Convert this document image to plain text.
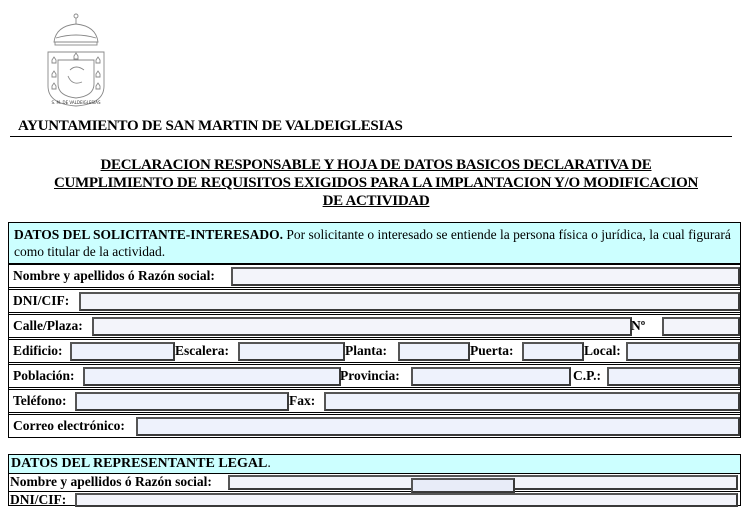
S. M. DE VALDEIGLESIAS
AYUNTAMIENTO DE SAN MARTIN DE VALDEIGLESIAS
DECLARACION RESPONSABLE Y HOJA DE DATOS BASICOS DECLARATIVA DE
CUMPLIMIENTO DE REQUISITOS EXIGIDOS PARA LA IMPLANTACION Y/O MODIFICACION
DE ACTIVIDAD
DATOS DEL SOLICITANTE-INTERESADO. Por solicitante o interesado se entiende la persona física o jurídica, la cual figurará como titular de la actividad.
Nombre y apellidos ó Razón social:
DNI/CIF:
Calle/Plaza:	Nº
Edificio:	Escalera:	Planta:	Puerta:	Local:
Población:	Provincia:	C.P.:
Teléfono:	Fax:
Correo electrónico:
DATOS DEL REPRESENTANTE LEGAL.
Nombre y apellidos ó Razón social:
DNI/CIF:
